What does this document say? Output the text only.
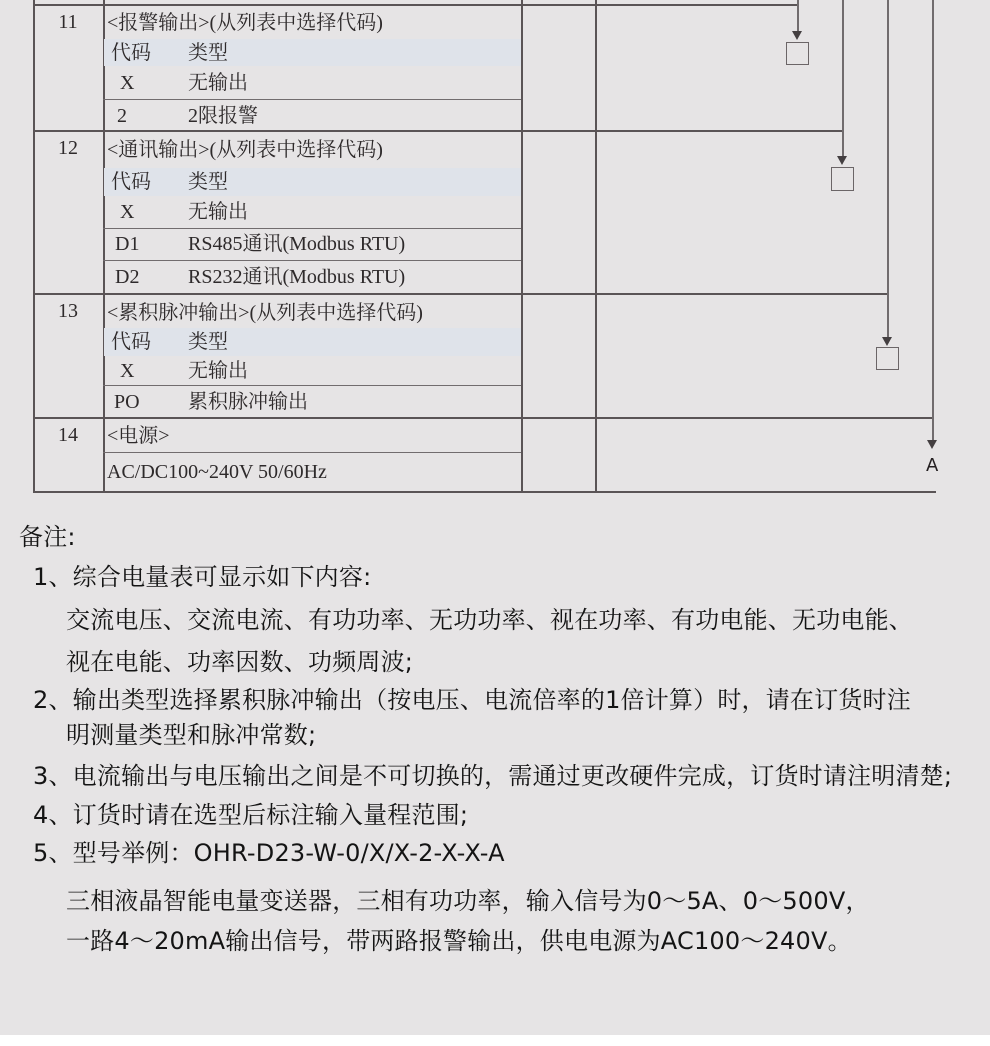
11	<报警输出>(从列表中选择代码)
代码 类型
X	无输出
2	2限报警
12	<通讯输出>(从列表中选择代码)
代码 类型
X	无输出
D1 RS485通讯(Modbus RTU)
D2 RS232通讯(Modbus RTU)
13	<累积脉冲输出>(从列表中选择代码)
代码 类型
X	无输出
PO 累积脉冲输出
14	<电源>
AC/DC100~240V 50/60Hz	A
备注:
1、综合电量表可显示如下内容:
交流电压、交流电流、有功功率、无功功率、视在功率、有功电能、无功电能、
视在电能、功率因数、功频周波;
2、输出类型选择累积脉冲输出（按电压、电流倍率的1倍计算）时，请在订货时注
明测量类型和脉冲常数;
3、电流输出与电压输出之间是不可切换的，需通过更改硬件完成，订货时请注明清楚;
4、订货时请在选型后标注输入量程范围;
5、型号举例：OHR-D23-W-0/X/X-2-X-X-A
三相液晶智能电量变送器，三相有功功率，输入信号为0～5A、0～500V，
一路4～20mA输出信号，带两路报警输出，供电电源为AC100～240V。
